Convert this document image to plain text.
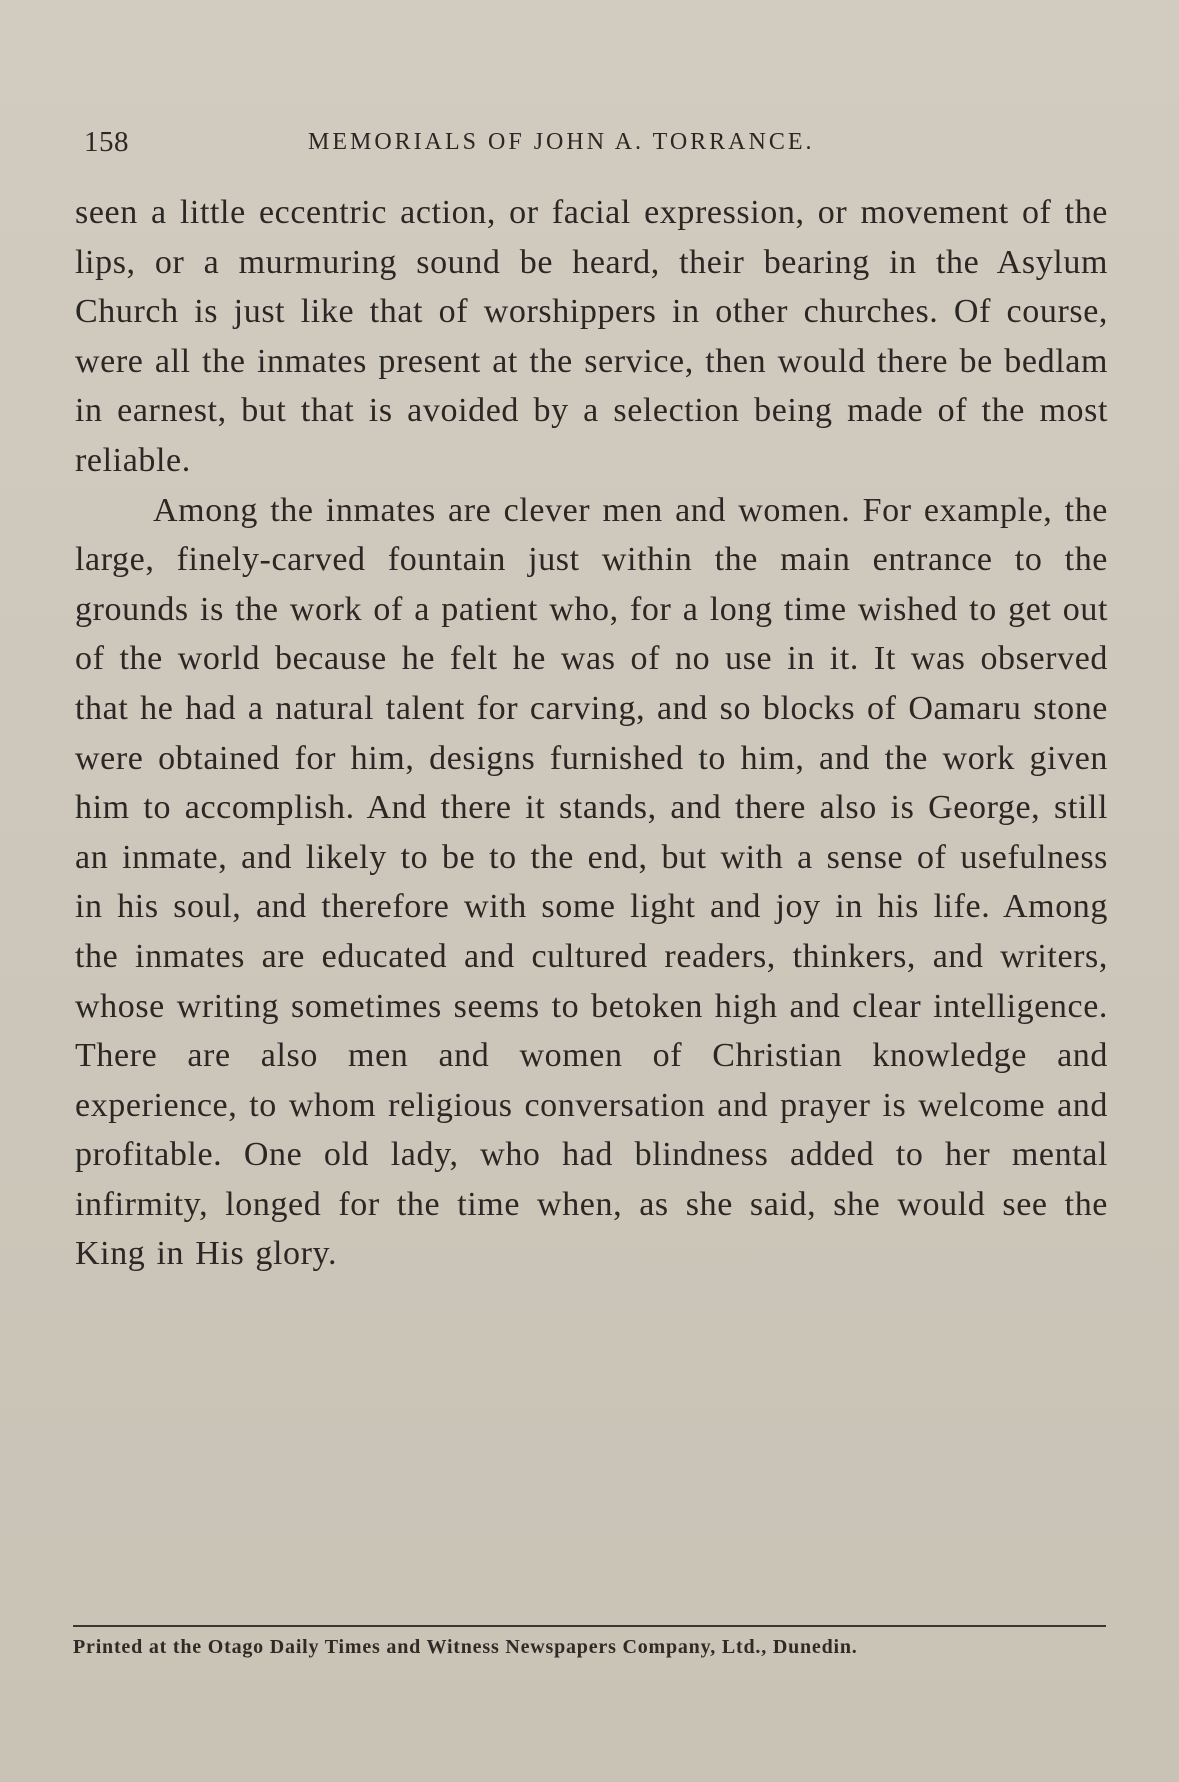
158	MEMORIALS OF JOHN A. TORRANCE.

seen a little eccentric action, or facial expression, or movement of the lips, or a murmuring sound be heard, their bearing in the Asylum Church is just like that of worshippers in other churches. Of course, were all the inmates present at the service, then would there be bedlam in earnest, but that is avoided by a selection being made of the most reliable.

Among the inmates are clever men and women. For example, the large, finely-carved fountain just within the main entrance to the grounds is the work of a patient who, for a long time wished to get out of the world because he felt he was of no use in it. It was observed that he had a natural talent for carving, and so blocks of Oamaru stone were obtained for him, designs furnished to him, and the work given him to accomplish. And there it stands, and there also is George, still an inmate, and likely to be to the end, but with a sense of usefulness in his soul, and therefore with some light and joy in his life. Among the inmates are educated and cultured readers, thinkers, and writers, whose writing sometimes seems to betoken high and clear intelligence. There are also men and women of Christian knowledge and experience, to whom religious conversation and prayer is welcome and profitable. One old lady, who had blindness added to her mental infirmity, longed for the time when, as she said, she would see the King in His glory.

Printed at the Otago Daily Times and Witness Newspapers Company, Ltd., Dunedin.
